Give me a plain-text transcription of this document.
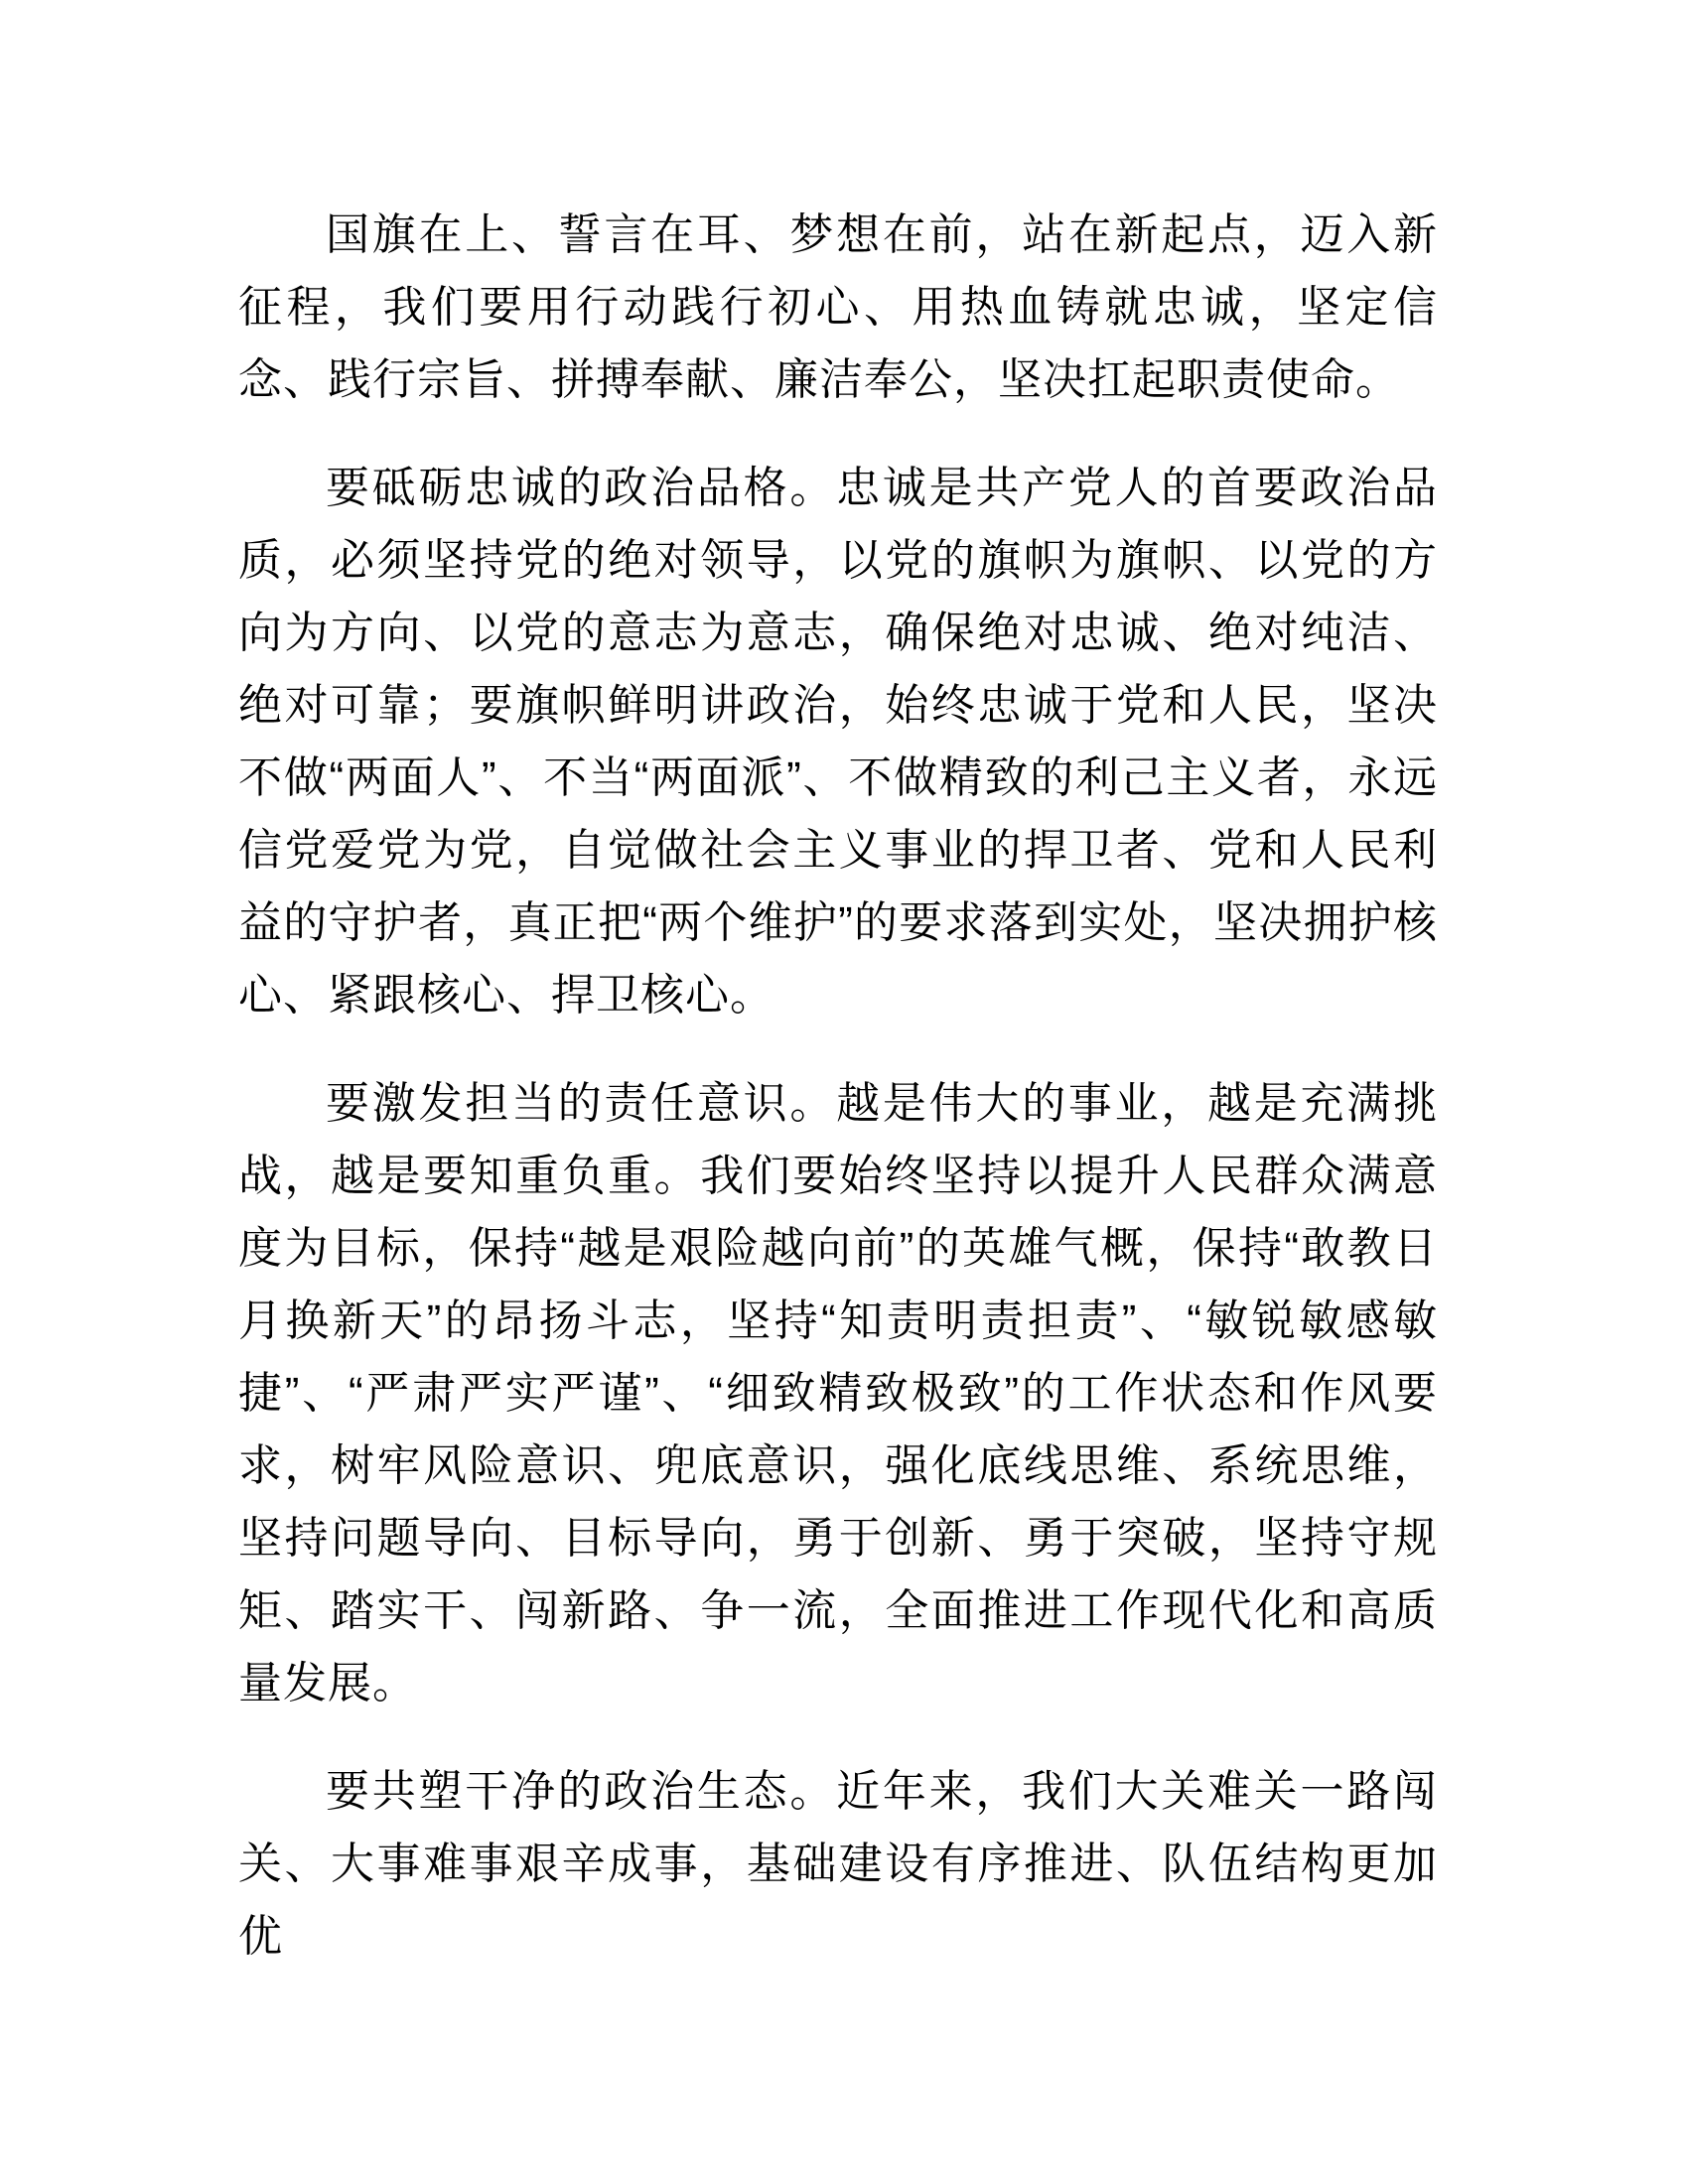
国旗在上、誓言在耳、梦想在前，站在新起点，迈入新征程，我们要用行动践行初心、用热血铸就忠诚，坚定信念、践行宗旨、拼搏奉献、廉洁奉公，坚决扛起职责使命。

要砥砺忠诚的政治品格。忠诚是共产党人的首要政治品质，必须坚持党的绝对领导，以党的旗帜为旗帜、以党的方向为方向、以党的意志为意志，确保绝对忠诚、绝对纯洁、绝对可靠；要旗帜鲜明讲政治，始终忠诚于党和人民，坚决不做“两面人”、不当“两面派”、不做精致的利己主义者，永远信党爱党为党，自觉做社会主义事业的捍卫者、党和人民利益的守护者，真正把“两个维护”的要求落到实处，坚决拥护核心、紧跟核心、捍卫核心。

要激发担当的责任意识。越是伟大的事业，越是充满挑战，越是要知重负重。我们要始终坚持以提升人民群众满意度为目标，保持“越是艰险越向前”的英雄气概，保持“敢教日月换新天”的昂扬斗志，坚持“知责明责担责”、“敏锐敏感敏捷”、“严肃严实严谨”、“细致精致极致”的工作状态和作风要求，树牢风险意识、兜底意识，强化底线思维、系统思维，坚持问题导向、目标导向，勇于创新、勇于突破，坚持守规矩、踏实干、闯新路、争一流，全面推进工作现代化和高质量发展。

要共塑干净的政治生态。近年来，我们大关难关一路闯关、大事难事艰辛成事，基础建设有序推进、队伍结构更加优
